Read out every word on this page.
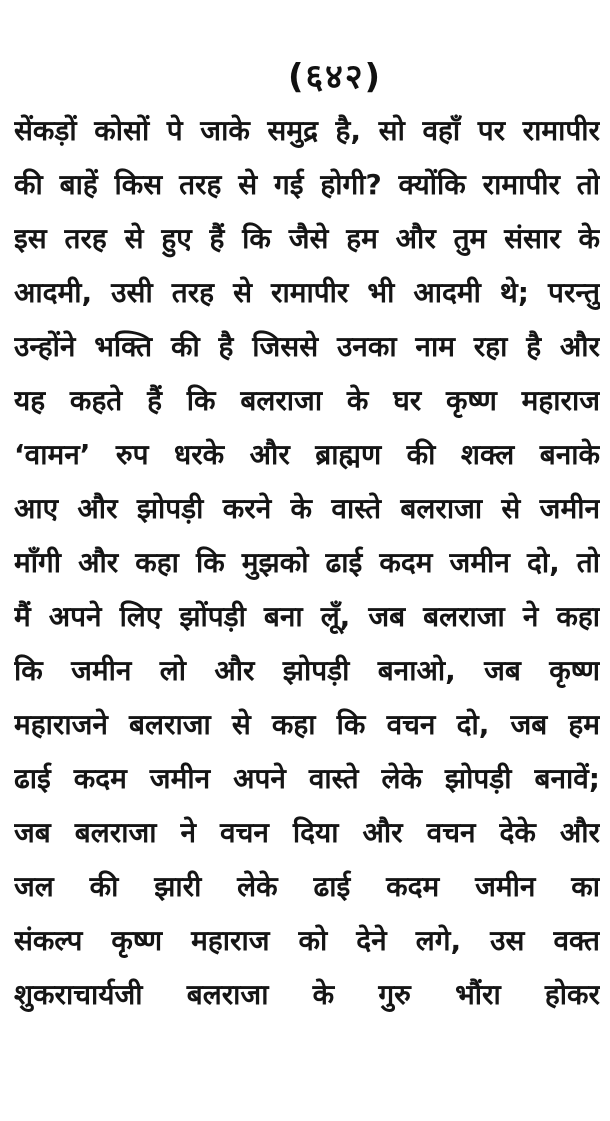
(६४२)
सेंकड़ों कोसों पे जाके समुद्र है, सो वहाँ पर रामापीर
की बाहें किस तरह से गई होगी? क्योंकि रामापीर तो
इस तरह से हुए हैं कि जैसे हम और तुम संसार के
आदमी, उसी तरह से रामापीर भी आदमी थे; परन्तु
उन्होंने भक्ति की है जिससे उनका नाम रहा है और
यह कहते हैं कि बलराजा के घर कृष्ण महाराज
‘वामन’ रुप धरके और ब्राह्मण की शक्ल बनाके
आए और झोपड़ी करने के वास्ते बलराजा से जमीन
माँगी और कहा कि मुझको ढाई कदम जमीन दो, तो
मैं अपने लिए झोंपड़ी बना लूँ, जब बलराजा ने कहा
कि जमीन लो और झोपड़ी बनाओ, जब कृष्ण
महाराजने बलराजा से कहा कि वचन दो, जब हम
ढाई कदम जमीन अपने वास्ते लेके झोपड़ी बनावें;
जब बलराजा ने वचन दिया और वचन देके और
जल की झारी लेके ढाई कदम जमीन का
संकल्प कृष्ण महाराज को देने लगे, उस वक्त
शुकराचार्यजी बलराजा के गुरु भौंरा होकर
